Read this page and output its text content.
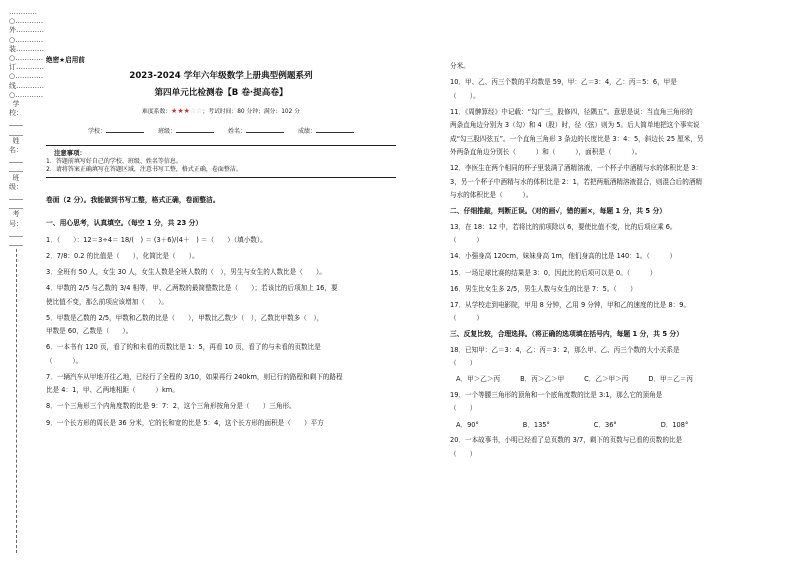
…………○…………外…………○…………装…………○…………订…………○…………线…………○…………学校：________姓名：________班级：________考号：________
绝密★启用前
2023-2024 学年六年级数学上册典型例题系列
第四单元比检测卷【B 卷·提高卷】
难度系数：★★★☆☆；考试时间：80 分钟；满分：102 分
学校：	班级：	姓名：	成绩：
注意事项：
1．答题前填写好自己的学校、班级、姓名等信息。
2．请将答案正确填写在答题区域，注意书写工整，格式正确，卷面整洁。
卷面（2 分）。我能做到书写工整，格式正确，卷面整洁。
一、用心思考，认真填空。（每空 1 分，共 23 分）
1．（　　）：12＝3÷4＝ 18/(　) ＝ (3＋6)/(4＋　) ＝（　　）（填小数）。
2．7/8：0.2 的比值是（　　），化简比是（　　）。
3．全班有 50 人，女生 30 人，女生人数是全班人数的（　），男生与女生的人数比是（　　）。
4．甲数的 2/5 与乙数的 3/4 相等，甲、乙两数的最简整数比是（　　）；若该比的后项加上 16，要
使比值不变，那么前项应该增加（　　）。
5．甲数是乙数的 2/5，甲数和乙数的比是（　　），甲数比乙数少（　），乙数比甲数多（　），
甲数是 60，乙数是（　　）。
6．一本书有 120 页，看了的和未看的页数比是 1：5，再看 10 页，看了的与未看的页数比是
（　　　）。
7．一辆汽车从甲地开往乙地，已经行了全程的 3/10，如果再行 240km，则已行的路程和剩下的路程
比是 4：1，甲、乙两地相距（　　　）km。
8．一个三角形三个内角度数的比是 9：7：2，这个三角形按角分是（　　）三角形。
9．一个长方形的周长是 36 分米，它的长和宽的比是 5：4，这个长方形的面积是（　　）平方
分米。
10．甲、乙、丙三个数的平均数是 59，甲：乙＝3：4，乙：丙＝5：6，甲是
（　　）。
11．《周髀算经》中记载：“勾广三，股修四，径隅五”。意思是说：当直角三角形的
两条直角边分别为 3（勾）和 4（股）时，径（弦）则为 5。后人简单地把这个事实说
成“勾三股四弦五”。一个直角三角形 3 条边的长度比是 3：4：5，斜边长 25 厘米，另
外两条直角边分别长（　　　）和（　　　），面积是（　　　）。
12．李医生在两个相同的杯子里装满了酒精溶液，一个杯子中酒精与水的体积比是 3：
3，另一个杯子中酒精与水的体积比是 2：1，若把两瓶酒精溶液混合，则混合后的酒精
与水的体积比是（　　　）。
二、仔细推敲，判断正误。（对的画√，错的画×，每题 1 分，共 5 分）
13．在 18：12 中，若将比的前项除以 6，要使比值不变，比的后项应乘 6。
（　　　）
14．小强身高 120cm，妹妹身高 1m，他们身高的比是 140：1。（　　　）
15．一场足球比赛的结果是 3：0，因此比的后项可以是 0。（　　　）
16．男生比女生多 2/5，男生人数与女生的比是 7：5。（　　）
17．从学校走到电影院，甲用 8 分钟，乙用 9 分钟，甲和乙的速度的比是 8：9。
（　　　）
三、反复比较，合理选择。（将正确的选项填在括号内，每题 1 分，共 5 分）
18．已知甲：乙＝3：4，乙：丙＝3：2，那么甲、乙、丙三个数的大小关系是
（　　）
A．甲＞乙＞丙	B．丙＞乙＞甲	C．乙＞甲＞丙	D．甲＝乙＝丙
19．一个等腰三角形的顶角和一个底角度数的比是 3:1，那么它的顶角是
（　　）
A．90°	B．135°	C．36°	D．108°
20．一本故事书，小明已经看了总页数的 3/7，剩下的页数与已看的页数的比是
（　　）
